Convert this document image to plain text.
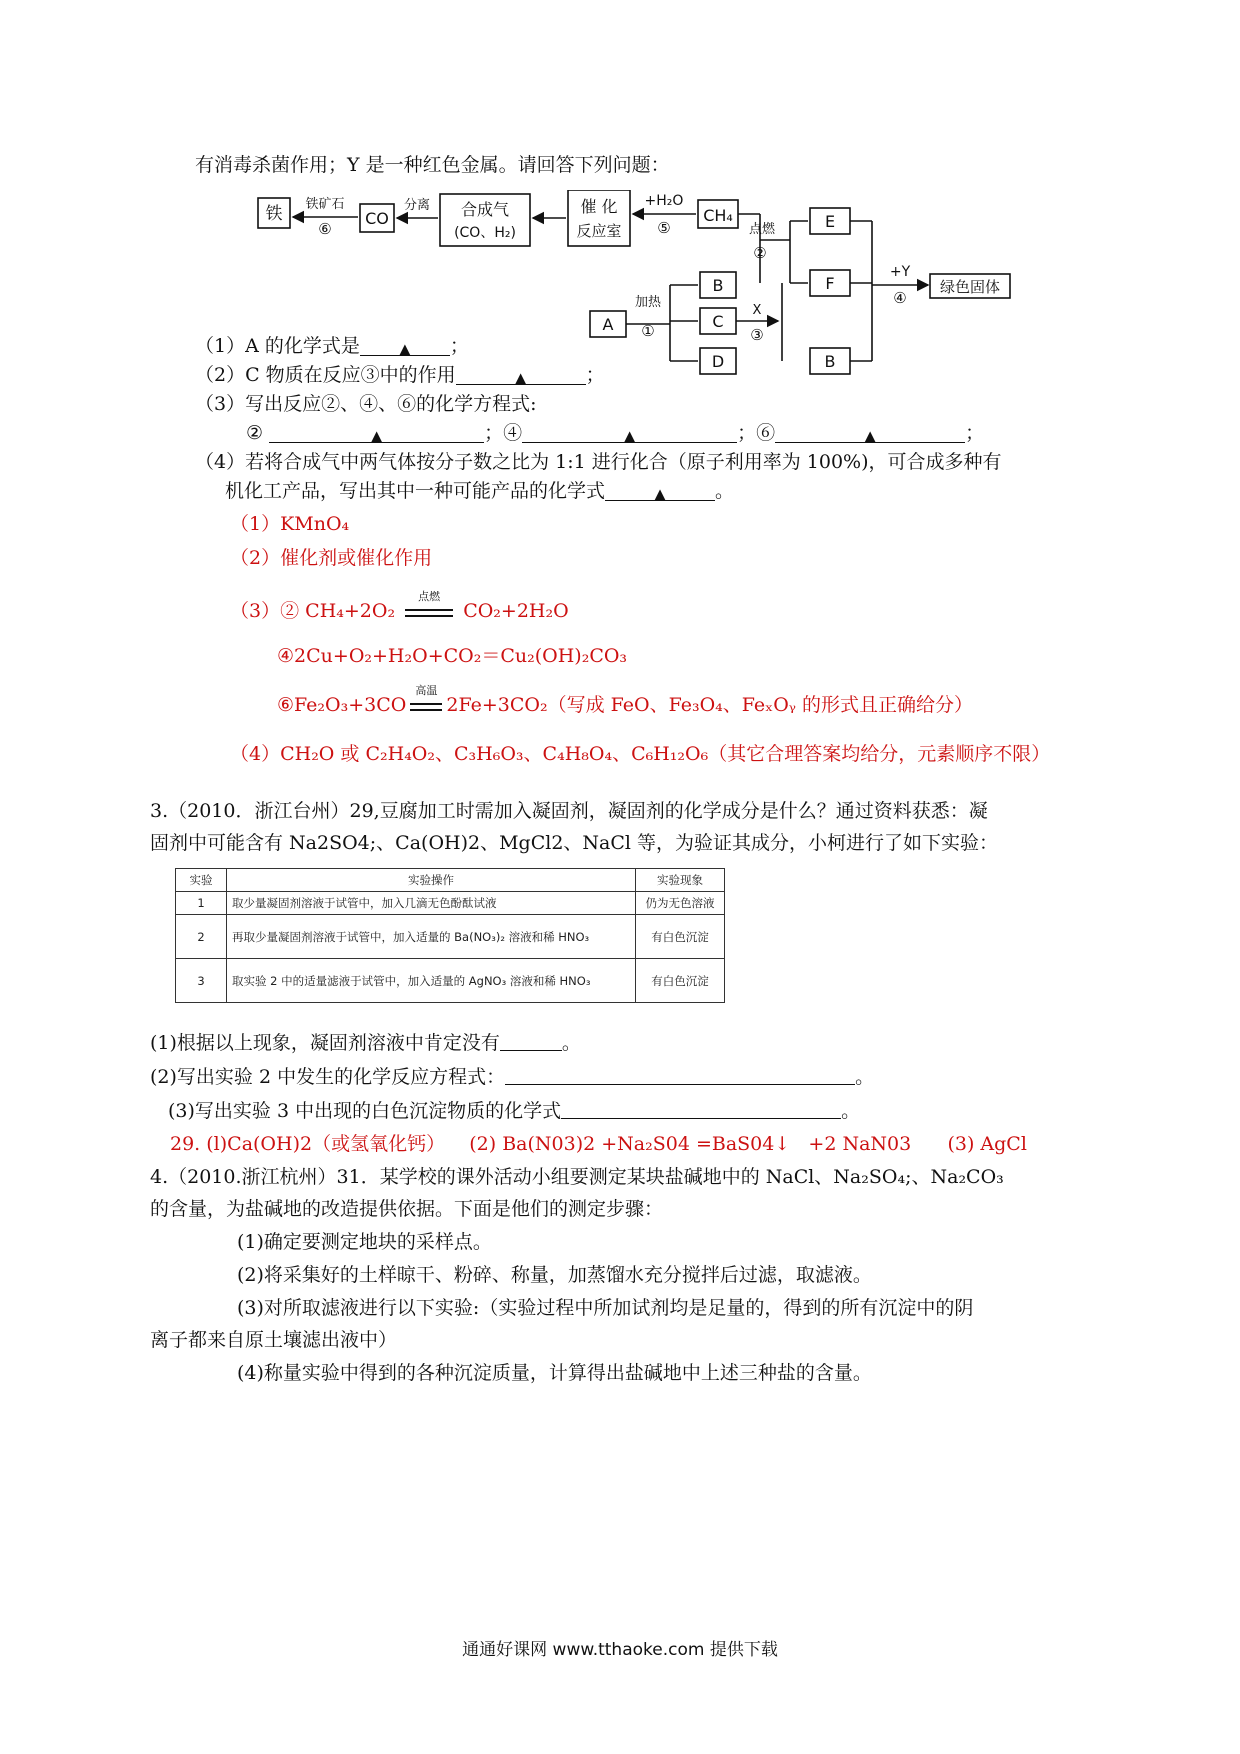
有消毒杀菌作用；Y 是一种红色金属。请回答下列问题：
铁	CO	合成气
(CO、H₂)
催 化
反应室
CH₄	E
F	绿色固体
B
C
D
A
B
铁矿石
⑥
分离	+H₂O
⑤	点燃
②
加热
①
X
③
+Y
④
（1）A 的化学式是	▲ ；
（2）C 物质在反应③中的作用	▲	；
（3）写出反应②、④、⑥的化学方程式:
②	▲	；④	▲	；⑥	▲	；
（4）若将合成气中两气体按分子数之比为 1:1 进行化合（原子利用率为 100%)，可合成多种有
机化工产品，写出其中一种可能产品的化学式	▲	。
（1）KMnO₄
（2）催化剂或催化作用
（3）② CH₄+2O₂
点燃
CO₂+2H₂O
④2Cu+O₂+H₂O+CO₂＝Cu₂(OH)₂CO₃
⑥Fe₂O₃+3CO
高温
2Fe+3CO₂（写成 FeO、Fe₃O₄、FeₓOᵧ 的形式且正确给分）
（4）CH₂O 或 C₂H₄O₂、C₃H₆O₃、C₄H₈O₄、C₆H₁₂O₆（其它合理答案均给分，元素顺序不限）
3.（2010．浙江台州）29,豆腐加工时需加入凝固剂，凝固剂的化学成分是什么？通过资料获悉：凝
固剂中可能含有 Na2SO4;、Ca(OH)2、MgCl2、NaCl 等，为验证其成分，小柯进行了如下实验：
实验	实验操作	实验现象
1	取少量凝固剂溶液于试管中，加入几滴无色酚酞试液	仍为无色溶液
2	再取少量凝固剂溶液于试管中，加入适量的 Ba(NO₃)₂ 溶液和稀 HNO₃	有白色沉淀
3	取实验 2 中的适量滤液于试管中，加入适量的 AgNO₃ 溶液和稀 HNO₃	有白色沉淀
(1)根据以上现象，凝固剂溶液中肯定没有	。
(2)写出实验 2 中发生的化学反应方程式：	。
(3)写出实验 3 中出现的白色沉淀物质的化学式	。
29. (l)Ca(OH)2（或氢氧化钙）    (2) Ba(N03)2 +Na₂S04 =BaS04↓   +2 NaN03      (3) AgCl
4.（2010.浙江杭州）31．某学校的课外活动小组要测定某块盐碱地中的 NaCl、Na₂SO₄;、Na₂CO₃
的含量，为盐碱地的改造提供依据。下面是他们的测定步骤：
(1)确定要测定地块的采样点。
(2)将采集好的土样晾干、粉碎、称量，加蒸馏水充分搅拌后过滤，取滤液。
(3)对所取滤液进行以下实验:（实验过程中所加试剂均是足量的，得到的所有沉淀中的阴
离子都来自原土壤滤出液中）
(4)称量实验中得到的各种沉淀质量，计算得出盐碱地中上述三种盐的含量。
通通好课网 www.tthaoke.com 提供下载
